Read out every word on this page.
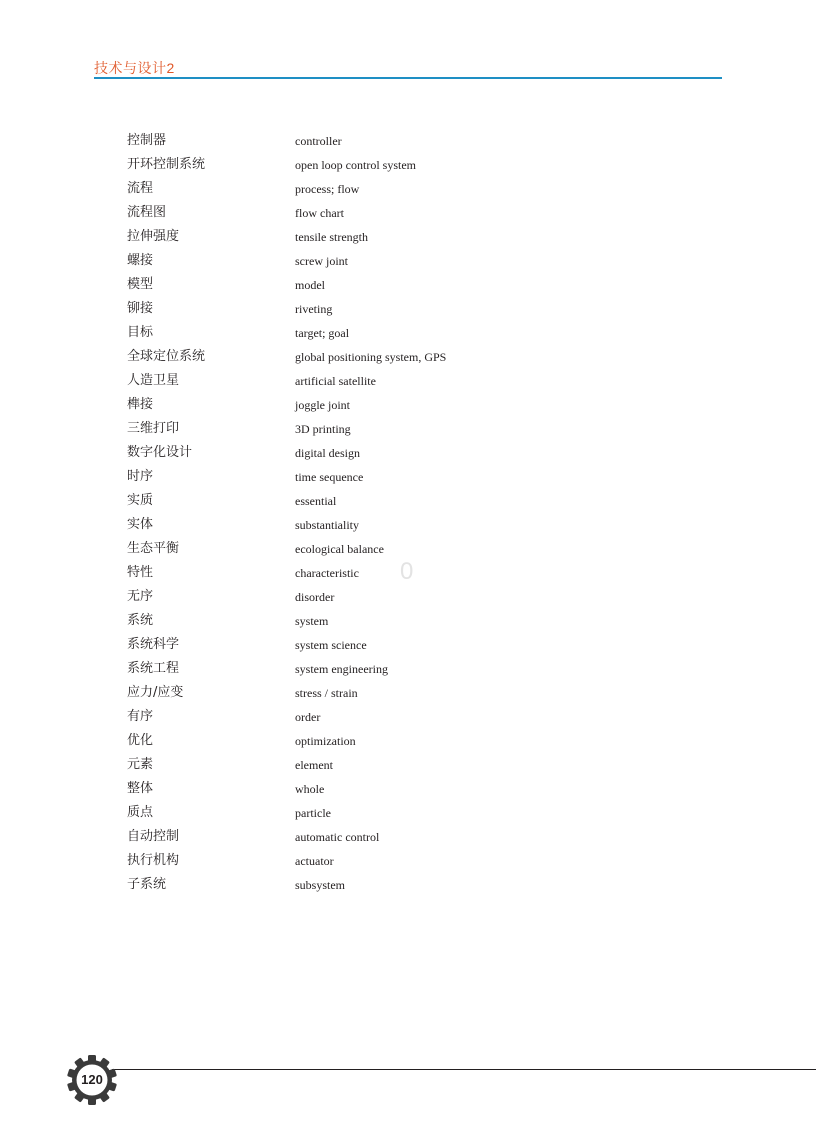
技术与设计2
控制器	controller
开环控制系统	open loop control system
流程	process; flow
流程图	flow chart
拉伸强度	tensile strength
螺接	screw joint
模型	model
铆接	riveting
目标	target; goal
全球定位系统	global positioning system, GPS
人造卫星	artificial satellite
榫接	joggle joint
三维打印	3D printing
数字化设计	digital design
时序	time sequence
实质	essential
实体	substantiality
生态平衡	ecological balance
特性	characteristic
无序	disorder
系统	system
系统科学	system science
系统工程	system engineering
应力/应变	stress / strain
有序	order
优化	optimization
元素	element
整体	whole
质点	particle
自动控制	automatic control
执行机构	actuator
子系统	subsystem
0
120
